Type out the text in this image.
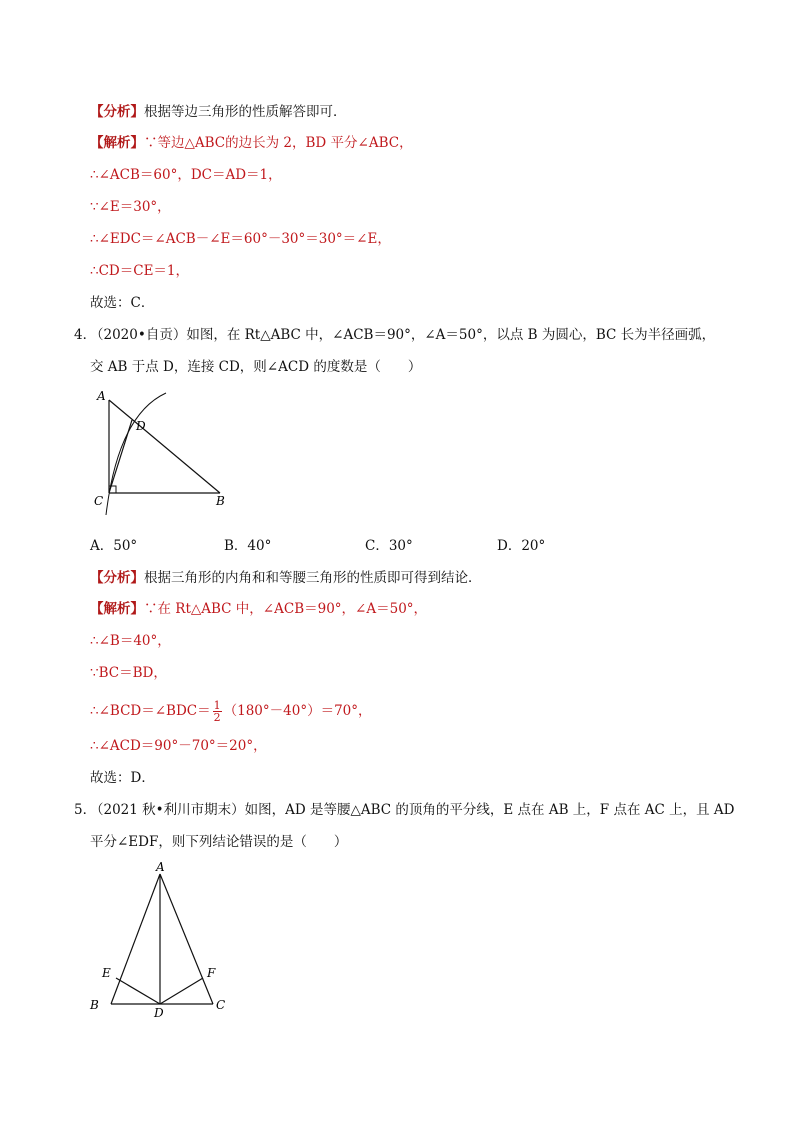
【分析】根据等边三角形的性质解答即可．
【解析】∵等边△ABC的边长为 2，BD 平分∠ABC，
∴∠ACB＝60°，DC＝AD＝1，
∵∠E＝30°，
∴∠EDC＝∠ACB－∠E＝60°－30°＝30°＝∠E，
∴CD＝CE＝1，
故选：C．
4．
（2020•自贡）如图，在 Rt△ABC 中，∠ACB＝90°，∠A＝50°，以点 B 为圆心，BC 长为半径画弧，
交 AB 于点 D，连接 CD，则∠ACD 的度数是（　　）
A
D
C	B
A．50°	B．40°	C．30°	D．20°
【分析】根据三角形的内角和和等腰三角形的性质即可得到结论．
【解析】∵在 Rt△ABC 中，∠ACB＝90°，∠A＝50°，
∴∠B＝40°，
∵BC＝BD，
∴∠BCD＝∠BDC＝ $\frac{1}{2} (180^\circ-40^\circ)=70^\circ$，
∴∠ACD＝90°－70°＝20°，
故选：D．
5．
（2021 秋•利川市期末）如图，AD 是等腰△ABC 的顶角的平分线，E 点在 AB 上，F 点在 AC 上，且 AD
平分∠EDF，则下列结论错误的是（　　）
A
E	F
B
D
C
